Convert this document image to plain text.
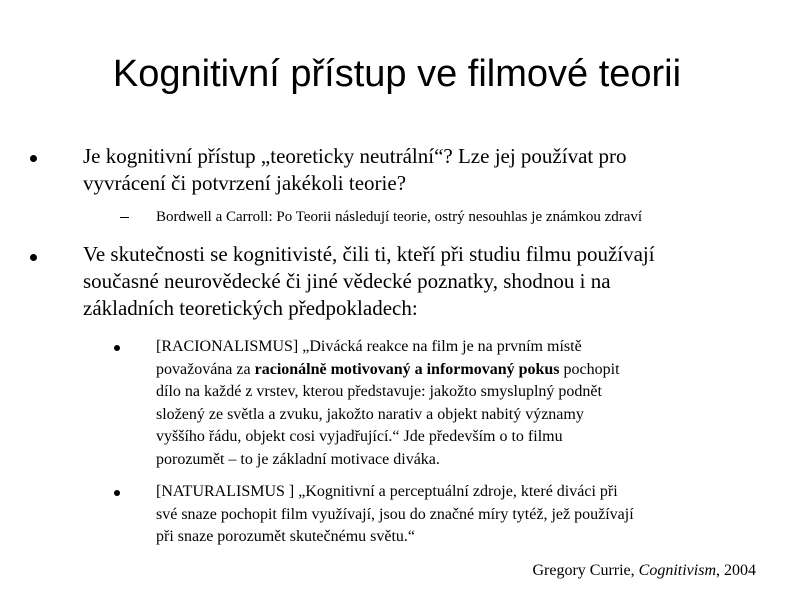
Kognitivní přístup ve filmové teorii
Je kognitivní přístup „teoreticky neutrální“? Lze jej používat pro
vyvrácení či potvrzení jakékoli teorie?
Bordwell a Carroll: Po Teorii následují teorie, ostrý nesouhlas je známkou zdraví
Ve skutečnosti se kognitivisté, čili ti, kteří při studiu filmu používají
současné neurovědecké či jiné vědecké poznatky, shodnou i na
základních teoretických předpokladech:
[RACIONALISMUS] „Divácká reakce na film je na prvním místě
považována za racionálně motivovaný a informovaný pokus pochopit
dílo na každé z vrstev, kterou představuje: jakožto smysluplný podnět
složený ze světla a zvuku, jakožto narativ a objekt nabitý významy
vyššího řádu, objekt cosi vyjadřující.“ Jde především o to filmu
porozumět – to je základní motivace diváka.
[NATURALISMUS ] „Kognitivní a perceptuální zdroje, které diváci při
své snaze pochopit film využívají, jsou do značné míry tytéž, jež používají
při snaze porozumět skutečnému světu.“
Gregory Currie, Cognitivism, 2004
